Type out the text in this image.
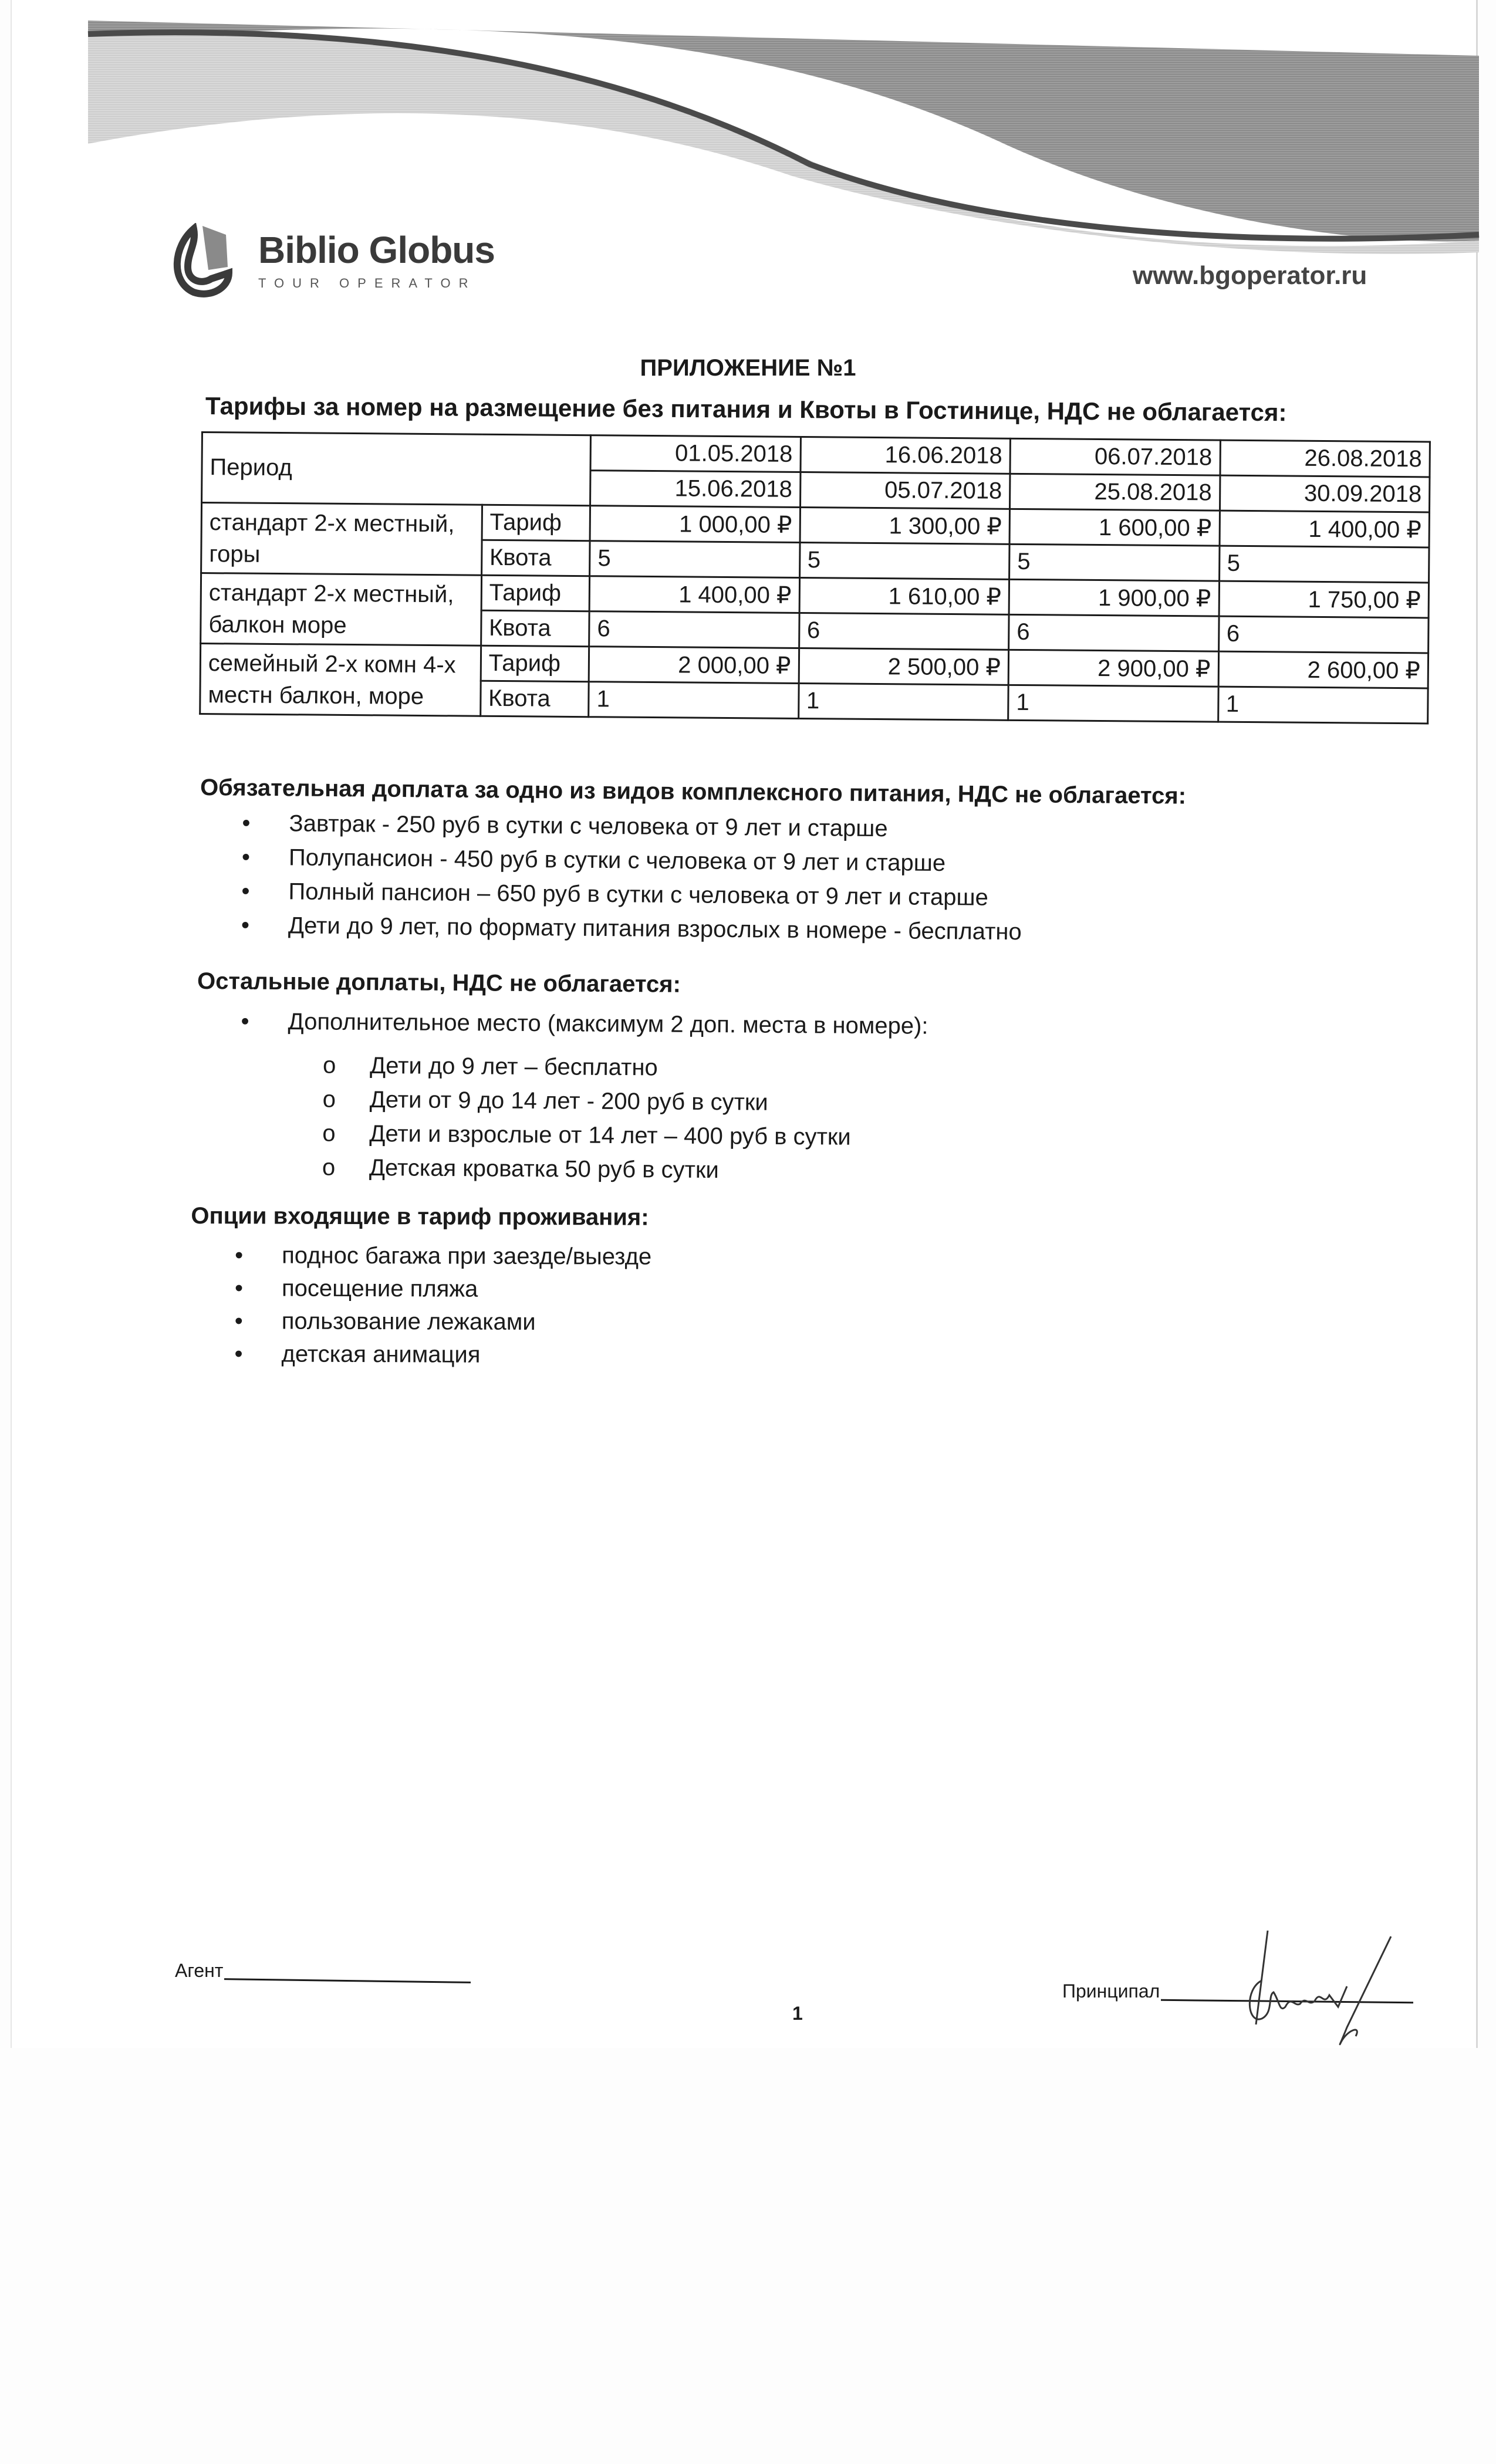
Biblio Globus
TOUR OPERATOR	www.bgoperator.ru
ПРИЛОЖЕНИЕ №1
Тарифы за номер на размещение без питания и Квоты в Гостинице, НДС не облагается:
Период		01.05.2018	16.06.2018	06.07.2018	26.08.2018
		15.06.2018	05.07.2018	25.08.2018	30.09.2018
стандарт 2-х местный, горы	Тариф	1 000,00 ₽	1 300,00 ₽	1 600,00 ₽	1 400,00 ₽
	Квота	5	5	5	5
стандарт 2-х местный, балкон море	Тариф	1 400,00 ₽	1 610,00 ₽	1 900,00 ₽	1 750,00 ₽
	Квота	6	6	6	6
семейный 2-х комн 4-х местн балкон, море	Тариф	2 000,00 ₽	2 500,00 ₽	2 900,00 ₽	2 600,00 ₽
	Квота	1	1	1	1
Обязательная доплата за одно из видов комплексного питания, НДС не облагается:
• Завтрак - 250 руб в сутки с человека от 9 лет и старше
• Полупансион - 450 руб в сутки с человека от 9 лет и старше
• Полный пансион – 650 руб в сутки с человека от 9 лет и старше
• Дети до 9 лет, по формату питания взрослых в номере - бесплатно
Остальные доплаты, НДС не облагается:
• Дополнительное место (максимум 2 доп. места в номере):
o Дети до 9 лет – бесплатно
o Дети от 9 до 14 лет - 200 руб в сутки
o Дети и взрослые от 14 лет – 400 руб в сутки
o Детская кроватка 50 руб в сутки
Опции входящие в тариф проживания:
• поднос багажа при заезде/выезде
• посещение пляжа
• пользование лежаками
• детская анимация
Агент
Принципал
1
